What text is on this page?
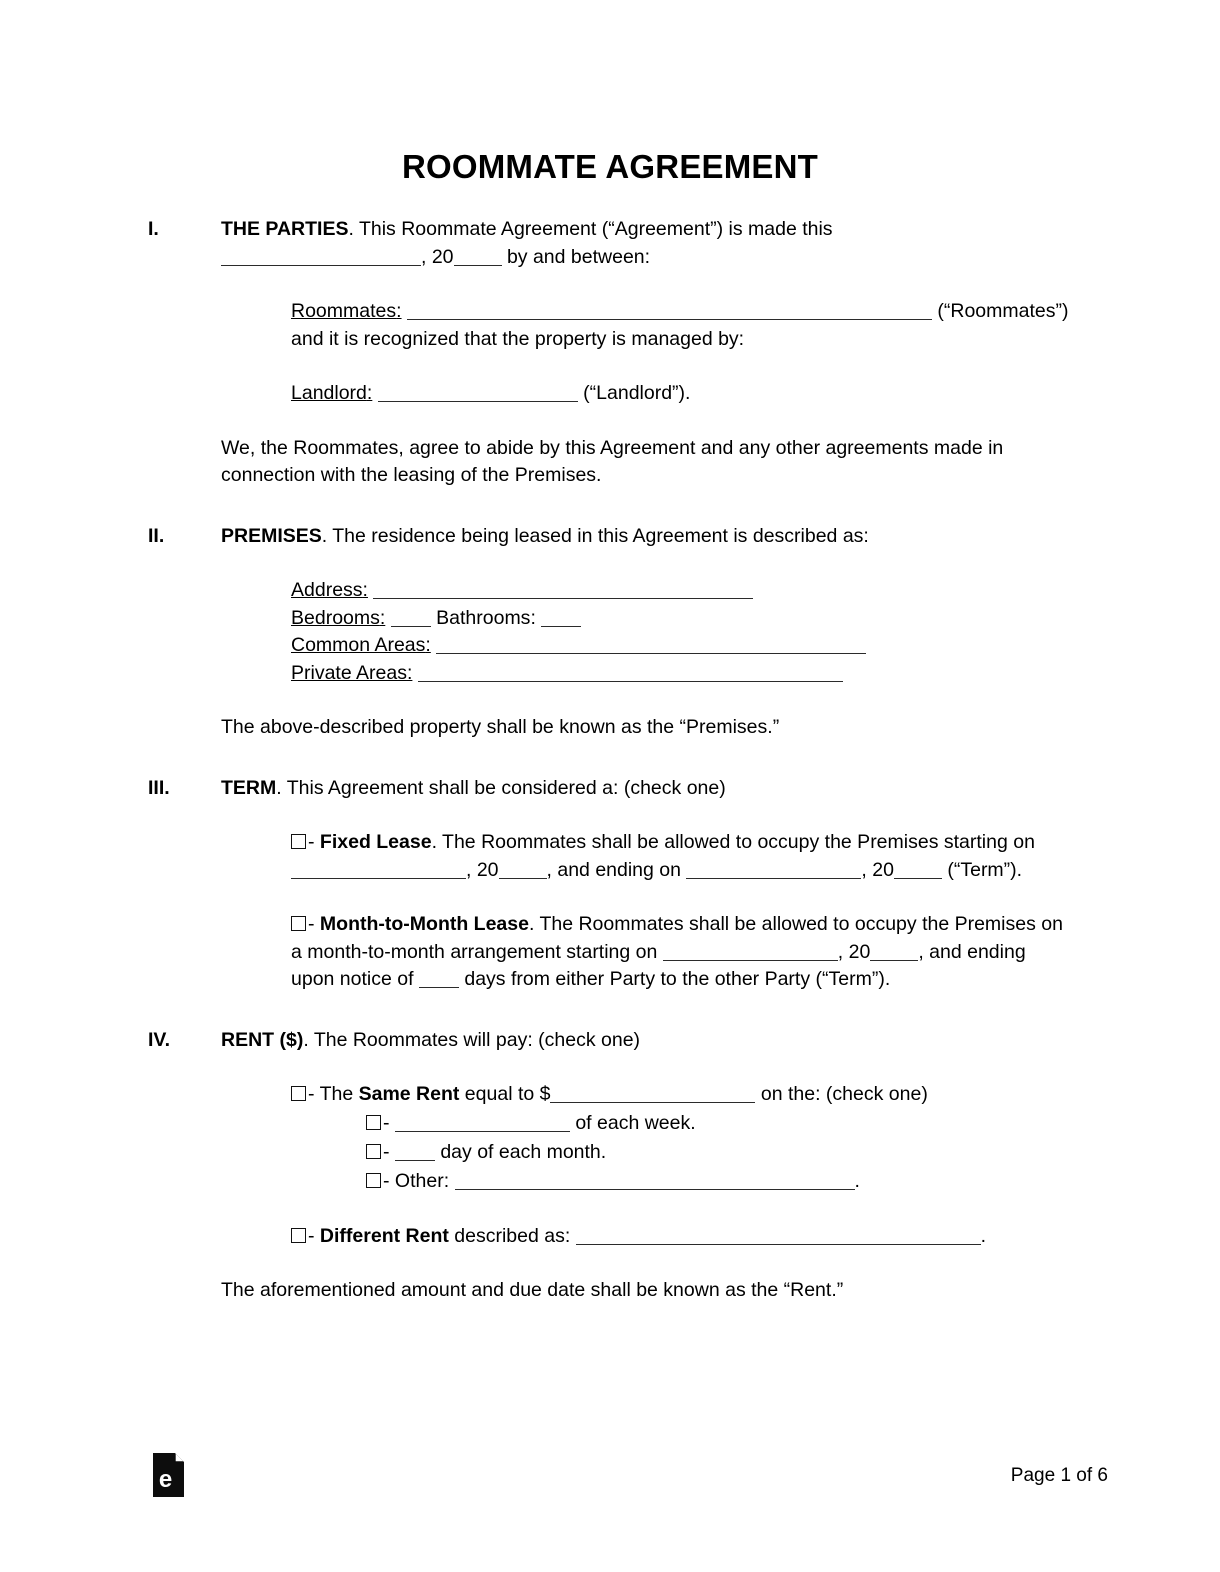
ROOMMATE AGREEMENT
I.	THE PARTIES. This Roommate Agreement (“Agreement”) is made this
, 20 by and between:
Roommates:	(“Roommates”)
and it is recognized that the property is managed by:
Landlord:	(“Landlord”).
We, the Roommates, agree to abide by this Agreement and any other agreements made in connection with the leasing of the Premises.
II.	PREMISES. The residence being leased in this Agreement is described as:
Address:
Bedrooms:	Bathrooms:
Common Areas:
Private Areas:
The above-described property shall be known as the “Premises.”
III.	TERM. This Agreement shall be considered a: (check one)
- Fixed Lease. The Roommates shall be allowed to occupy the Premises starting on , 20 , and ending on	, 20 (“Term”).
- Month-to-Month Lease. The Roommates shall be allowed to occupy the Premises on a month-to-month arrangement starting on	, 20 , and ending upon notice of  days from either Party to the other Party (“Term”).
IV.	RENT ($). The Roommates will pay: (check one)
- The Same Rent equal to $	on the: (check one)
-	of each week.
-  day of each month.
- Other:	.
- Different Rent described as:	.
The aforementioned amount and due date shall be known as the “Rent.”
e	Page 1 of 6
